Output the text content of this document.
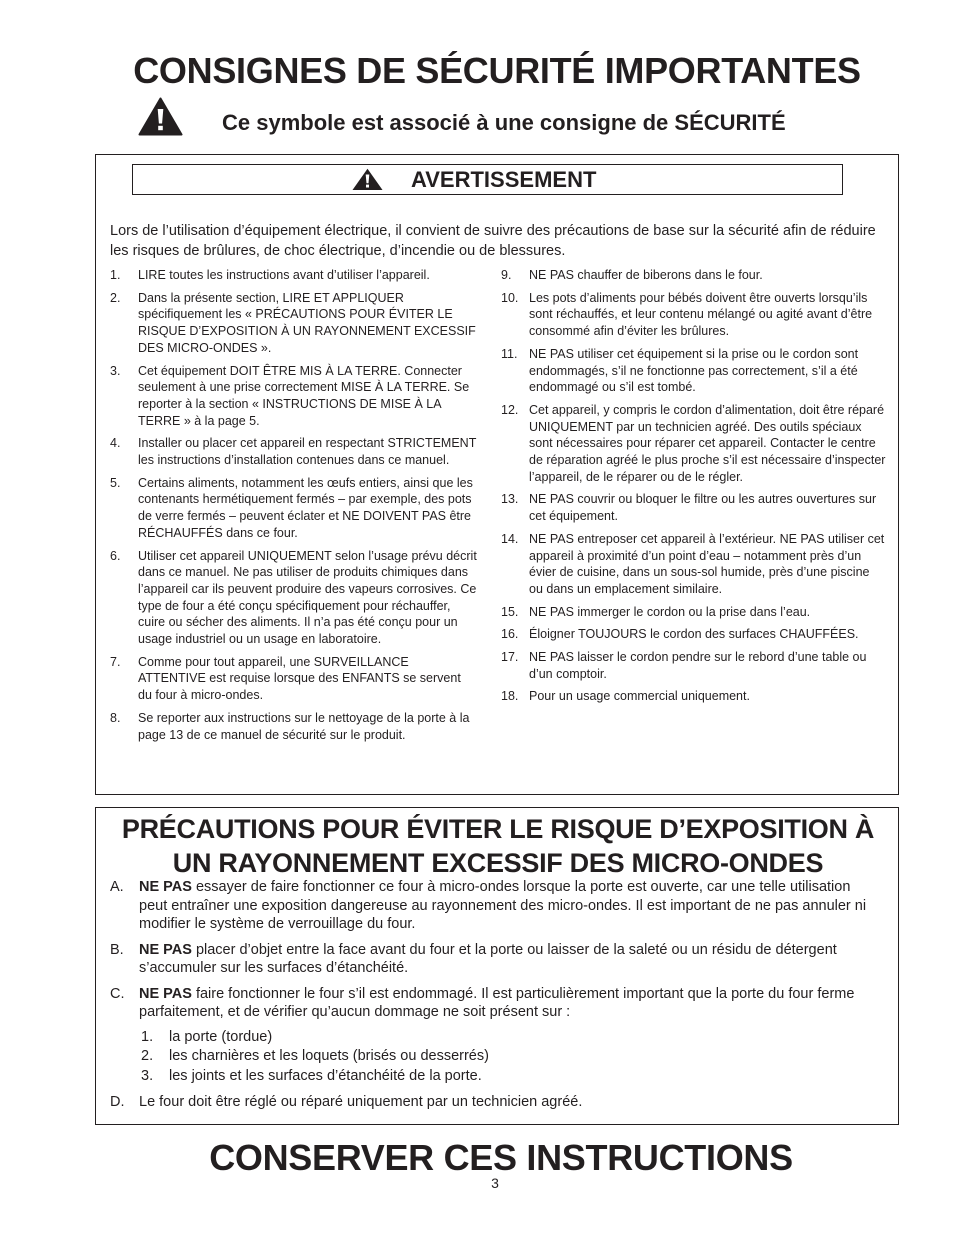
CONSIGNES DE SÉCURITÉ IMPORTANTES
Ce symbole est associé à une consigne de SÉCURITÉ
AVERTISSEMENT
Lors de l’utilisation d’équipement électrique, il convient de suivre des précautions de base sur la sécurité afin de réduire les risques de brûlures, de choc électrique, d’incendie ou de blessures.
1. LIRE toutes les instructions avant d’utiliser l’appareil.
2. Dans la présente section, LIRE ET APPLIQUER spécifiquement les « PRÉCAUTIONS POUR ÉVITER LE RISQUE D’EXPOSITION À UN RAYONNEMENT EXCESSIF DES MICRO-ONDES ».
3. Cet équipement DOIT ÊTRE MIS À LA TERRE. Connecter seulement à une prise correctement MISE À LA TERRE. Se reporter à la section « INSTRUCTIONS DE MISE À LA TERRE » à la page 5.
4. Installer ou placer cet appareil en respectant STRICTEMENT les instructions d’installation contenues dans ce manuel.
5. Certains aliments, notamment les œufs entiers, ainsi que les contenants hermétiquement fermés – par exemple, des pots de verre fermés – peuvent éclater et NE DOIVENT PAS être RÉCHAUFFÉS dans ce four.
6. Utiliser cet appareil UNIQUEMENT selon l’usage prévu décrit dans ce manuel. Ne pas utiliser de produits chimiques dans l’appareil car ils peuvent produire des vapeurs corrosives. Ce type de four a été conçu spécifiquement pour réchauffer, cuire ou sécher des aliments. Il n’a pas été conçu pour un usage industriel ou un usage en laboratoire.
7. Comme pour tout appareil, une SURVEILLANCE ATTENTIVE est requise lorsque des ENFANTS se servent du four à micro-ondes.
8. Se reporter aux instructions sur le nettoyage de la porte à la page 13 de ce manuel de sécurité sur le produit.
9. NE PAS chauffer de biberons dans le four.
10. Les pots d’aliments pour bébés doivent être ouverts lorsqu’ils sont réchauffés, et leur contenu mélangé ou agité avant d’être consommé afin d’éviter les brûlures.
11. NE PAS utiliser cet équipement si la prise ou le cordon sont endommagés, s’il ne fonctionne pas correctement, s’il a été endommagé ou s’il est tombé.
12. Cet appareil, y compris le cordon d’alimentation, doit être réparé UNIQUEMENT par un technicien agréé. Des outils spéciaux sont nécessaires pour réparer cet appareil. Contacter le centre de réparation agréé le plus proche s’il est nécessaire d’inspecter l’appareil, de le réparer ou de le régler.
13. NE PAS couvrir ou bloquer le filtre ou les autres ouvertures sur cet équipement.
14. NE PAS entreposer cet appareil à l’extérieur. NE PAS utiliser cet appareil à proximité d’un point d’eau – notamment près d’un évier de cuisine, dans un sous-sol humide, près d’une piscine ou dans un emplacement similaire.
15. NE PAS immerger le cordon ou la prise dans l’eau.
16. Éloigner TOUJOURS le cordon des surfaces CHAUFFÉES.
17. NE PAS laisser le cordon pendre sur le rebord d’une table ou d’un comptoir.
18. Pour un usage commercial uniquement.
PRÉCAUTIONS POUR ÉVITER LE RISQUE D’EXPOSITION À
UN RAYONNEMENT EXCESSIF DES MICRO-ONDES
A. NE PAS essayer de faire fonctionner ce four à micro-ondes lorsque la porte est ouverte, car une telle utilisation peut entraîner une exposition dangereuse au rayonnement des micro-ondes. Il est important de ne pas annuler ni modifier le système de verrouillage du four.
B. NE PAS placer d’objet entre la face avant du four et la porte ou laisser de la saleté ou un résidu de détergent s’accumuler sur les surfaces d’étanchéité.
C. NE PAS faire fonctionner le four s’il est endommagé. Il est particulièrement important que la porte du four ferme parfaitement, et de vérifier qu’aucun dommage ne soit présent sur :
1. la porte (tordue)
2. les charnières et les loquets (brisés ou desserrés)
3. les joints et les surfaces d’étanchéité de la porte.
D. Le four doit être réglé ou réparé uniquement par un technicien agréé.
CONSERVER CES INSTRUCTIONS
3
